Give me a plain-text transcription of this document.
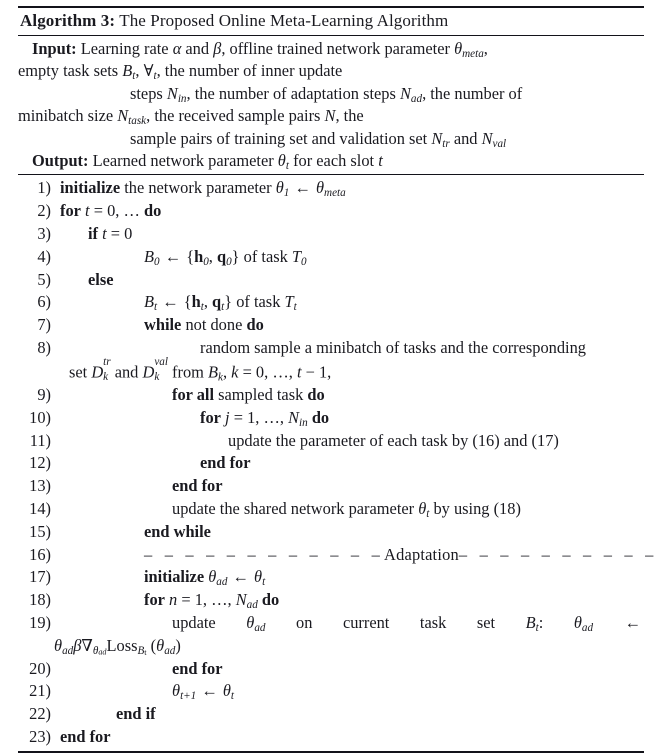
Algorithm 3: The Proposed Online Meta-Learning Algorithm
Input: Learning rate α and β, offline trained network parameter $\theta_{meta}$,
empty task sets $B_t$, $\forall_t$, the number of inner update
steps $N_{in}$, the number of adaptation steps $N_{ad}$, the number of
minibatch size $N_{task}$, the received sample pairs N, the
sample pairs of training set and validation set $N_{tr}$ and $N_{val}$
Output: Learned network parameter $\theta_t$ for each slot t
1) initialize the network parameter $\theta_1$ ← $\theta_{meta}$
2) for t = 0, … do
3)	if t = 0
4)	$B_0$ ← {$h_0$, $q_0$} of task $T_0$
5)	else
6)	$B_t$ ← {$h_t$, $q_t$} of task $T_t$
7)	while not done do
8)	random sample a minibatch of tasks and the corresponding
set D
tr
k and D
val
k from $B_k$, k = 0, …, t − 1,
9)	for all sampled task do
10)	for j = 1, …, $N_{in}$ do
11)	update the parameter of each task by (16) and (17)
12)	end for
13)	end for
14)	update the shared network parameter $\theta_t$ by using (18)
15)	end while
16)	– – – – – – – – – – – –Adaptation– – – – – – – – – –
17)	initialize $\theta_{ad}$ ← $\theta_t$
18)	for n = 1, …, $N_{ad}$ do
19)	update $\theta_{ad}$ on current task set $B_t$: $\theta_{ad}$ ←
$\theta_{ad}\beta\nabla_{\theta ad}Loss_{Bt}$ $(\theta_{ad})$
20)	end for
21)	$\theta_{t+1}$ ← $\theta_t$
22)	end if
23) end for
